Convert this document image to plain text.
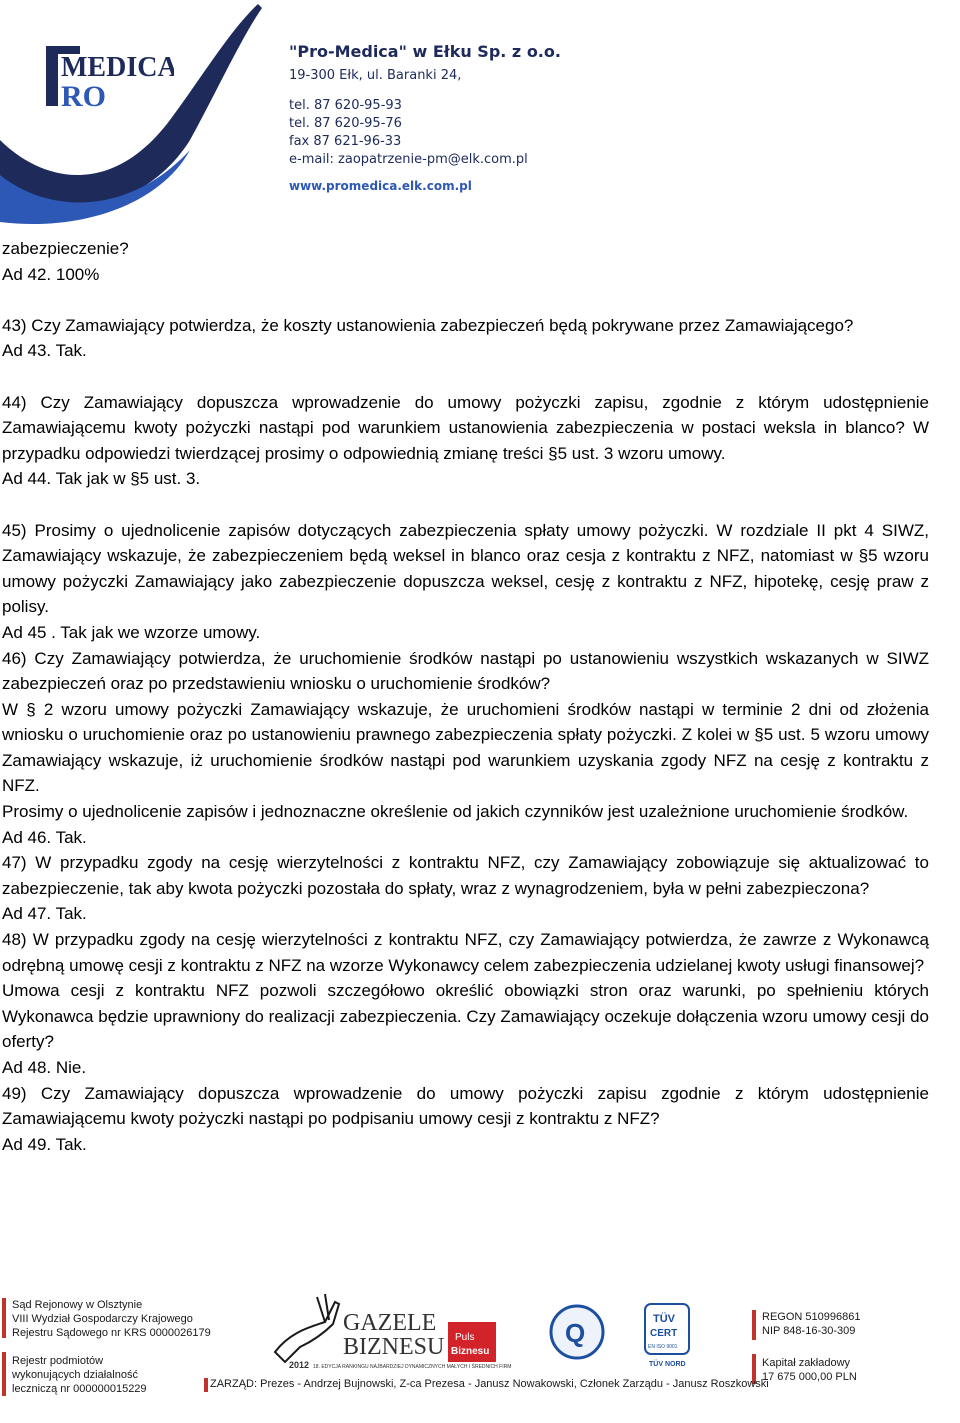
MEDICA
RO
"Pro-Medica" w Ełku Sp. z o.o.
19-300 Ełk, ul. Baranki 24,
tel. 87 620-95-93
tel. 87 620-95-76
fax 87 621-96-33
e-mail: zaopatrzenie-pm@elk.com.pl
www.promedica.elk.com.pl

zabezpieczenie?

Ad 42. 100%

43) Czy Zamawiający potwierdza, że koszty ustanowienia zabezpieczeń będą pokrywane przez Zamawiającego?

Ad 43. Tak.

44) Czy Zamawiający dopuszcza wprowadzenie do umowy pożyczki zapisu, zgodnie z którym udostępnienie Zamawiającemu kwoty pożyczki nastąpi pod warunkiem ustanowienia zabezpieczenia w postaci weksla in blanco? W przypadku odpowiedzi twierdzącej prosimy o odpowiednią zmianę treści §5 ust. 3 wzoru umowy.

Ad 44. Tak jak w §5 ust. 3.

45) Prosimy o ujednolicenie zapisów dotyczących zabezpieczenia spłaty umowy pożyczki. W rozdziale II pkt 4 SIWZ, Zamawiający wskazuje, że zabezpieczeniem będą weksel in blanco oraz cesja z kontraktu z NFZ, natomiast w §5 wzoru umowy pożyczki Zamawiający jako zabezpieczenie dopuszcza weksel, cesję z kontraktu z NFZ, hipotekę, cesję praw z polisy.

Ad 45 . Tak jak we wzorze umowy.

46) Czy Zamawiający potwierdza, że uruchomienie środków nastąpi po ustanowieniu wszystkich wskazanych w SIWZ zabezpieczeń oraz po przedstawieniu wniosku o uruchomienie środków?

W § 2 wzoru umowy pożyczki Zamawiający wskazuje, że uruchomieni środków nastąpi w terminie 2 dni od złożenia wniosku o uruchomienie oraz po ustanowieniu prawnego zabezpieczenia spłaty pożyczki. Z kolei w §5 ust. 5 wzoru umowy Zamawiający wskazuje, iż uruchomienie środków nastąpi pod warunkiem uzyskania zgody NFZ na cesję z kontraktu z NFZ.

Prosimy o ujednolicenie zapisów i jednoznaczne określenie od jakich czynników jest uzależnione uruchomienie środków.

Ad 46. Tak.

47) W przypadku zgody na cesję wierzytelności z kontraktu NFZ, czy Zamawiający zobowiązuje się aktualizować to zabezpieczenie, tak aby kwota pożyczki pozostała do spłaty, wraz z wynagrodzeniem, była w pełni zabezpieczona?

Ad 47. Tak.

48) W przypadku zgody na cesję wierzytelności z kontraktu NFZ, czy Zamawiający potwierdza, że zawrze z Wykonawcą odrębną umowę cesji z kontraktu z NFZ na wzorze Wykonawcy celem zabezpieczenia udzielanej kwoty usługi finansowej?

Umowa cesji z kontraktu NFZ pozwoli szczegółowo określić obowiązki stron oraz warunki, po spełnieniu których Wykonawca będzie uprawniony do realizacji zabezpieczenia. Czy Zamawiający oczekuje dołączenia wzoru umowy cesji do oferty?

Ad 48. Nie.

49) Czy Zamawiający dopuszcza wprowadzenie do umowy pożyczki zapisu zgodnie z którym udostępnienie Zamawiającemu kwoty pożyczki nastąpi po podpisaniu umowy cesji z kontraktu z NFZ?

Ad 49. Tak.

Sąd Rejonowy w Olsztynie
VIII Wydział Gospodarczy Krajowego
Rejestru Sądowego nr KRS 0000026179
Rejestr podmiotów
wykonujących działalność
leczniczą nr 000000015229
GAZELE
BIZNESU
2012 18. EDYCJA RANKINGU NAJBARDZIEJ DYNAMICZNYCH MAŁYCH I ŚREDNICH FIRM
Puls
Biznesu
Q	TÜV
CERT
EN ISO 9001
TÜV NORD
REGON 510996861
NIP 848-16-30-309
Kapitał zakładowy
17 675 000,00 PLN
ZARZĄD: Prezes - Andrzej Bujnowski, Z-ca Prezesa - Janusz Nowakowski, Członek Zarządu - Janusz Roszkowski
